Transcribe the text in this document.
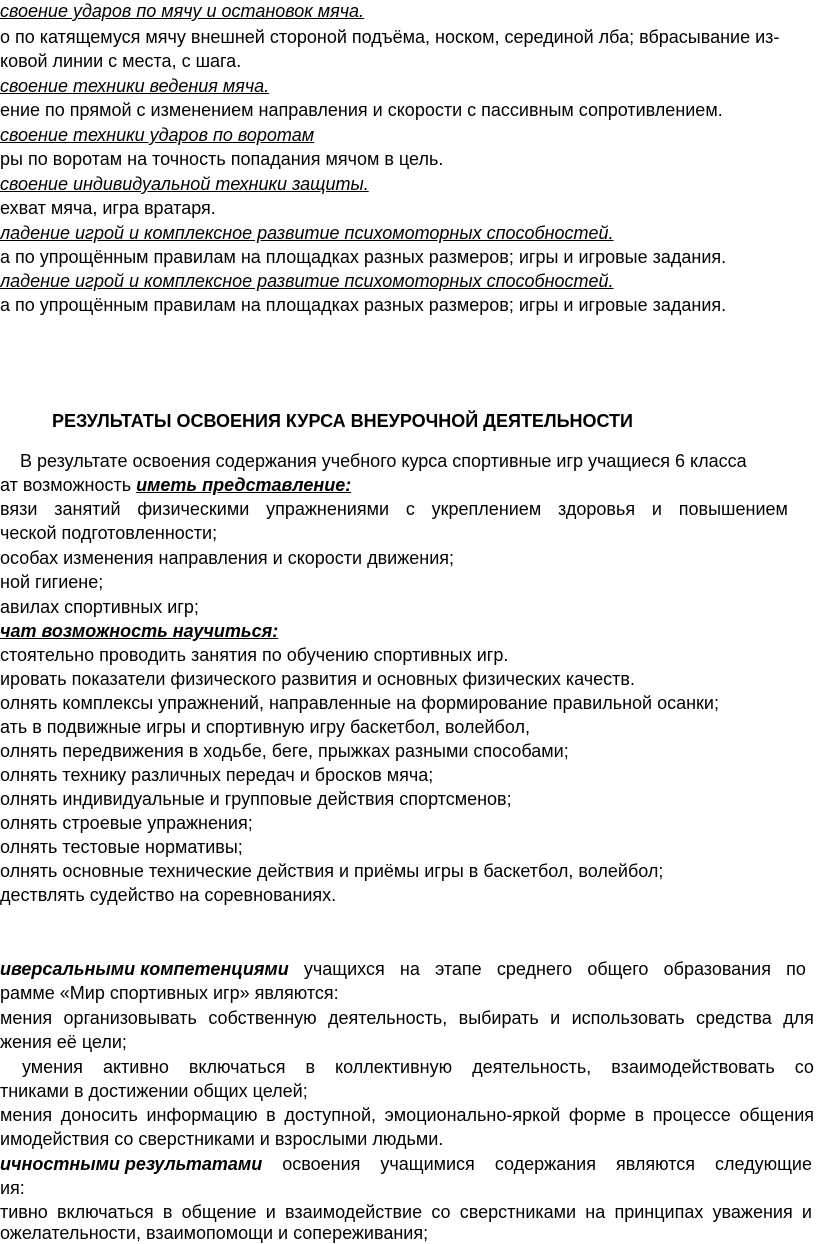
своение ударов по мячу и остановок мяча.
о по катящемуся мячу внешней стороной подъёма, носком, серединой лба; вбрасывание из-
ковой линии с места, с шага.
своение техники ведения мяча.
ение по прямой с изменением направления и скорости с пассивным сопротивлением.
своение техники ударов по воротам
ры по воротам на точность попадания мячом в цель.
своение индивидуальной техники защиты.
ехват мяча, игра вратаря.
ладение игрой и комплексное развитие психомоторных способностей.
а по упрощённым правилам на площадках разных размеров; игры и игровые задания.
ладение игрой и комплексное развитие психомоторных способностей.
а по упрощённым правилам на площадках разных размеров; игры и игровые задания.
РЕЗУЛЬТАТЫ ОСВОЕНИЯ КУРСА ВНЕУРОЧНОЙ ДЕЯТЕЛЬНОСТИ
В результате освоения содержания учебного курса спортивные игр учащиеся 6 класса
ат возможность иметь представление:
вязи занятий физическими упражнениями с укреплением здоровья и повышением
ческой подготовленности;
особах изменения направления и скорости движения;
ной гигиене;
авилах спортивных игр;
чат возможность научиться:
стоятельно проводить занятия по обучению спортивных игр.
ировать показатели физического развития и основных физических качеств.
олнять комплексы упражнений, направленные на формирование правильной осанки;
ать в подвижные игры и спортивную игру баскетбол, волейбол,
олнять передвижения в ходьбе, беге, прыжках разными способами;
олнять технику различных передач и бросков мяча;
олнять индивидуальные и групповые действия спортсменов;
олнять строевые упражнения;
олнять тестовые нормативы;
олнять основные технические действия и приёмы игры в баскетбол, волейбол;
дествлять судейство на соревнованиях.
иверсальными компетенциями учащихся на этапе среднего общего образования по
рамме «Мир спортивных игр» являются:
мения организовывать собственную деятельность, выбирать и использовать средства для
жения её цели;
умения активно включаться в коллективную деятельность, взаимодействовать со
тниками в достижении общих целей;
мения доносить информацию в доступной, эмоционально-яркой форме в процессе общения
имодействия со сверстниками и взрослыми людьми.
ичностными результатами освоения учащимися содержания являются следующие
ия:
тивно включаться в общение и взаимодействие со сверстниками на принципах уважения и
ожелательности, взаимопомощи и сопереживания;
